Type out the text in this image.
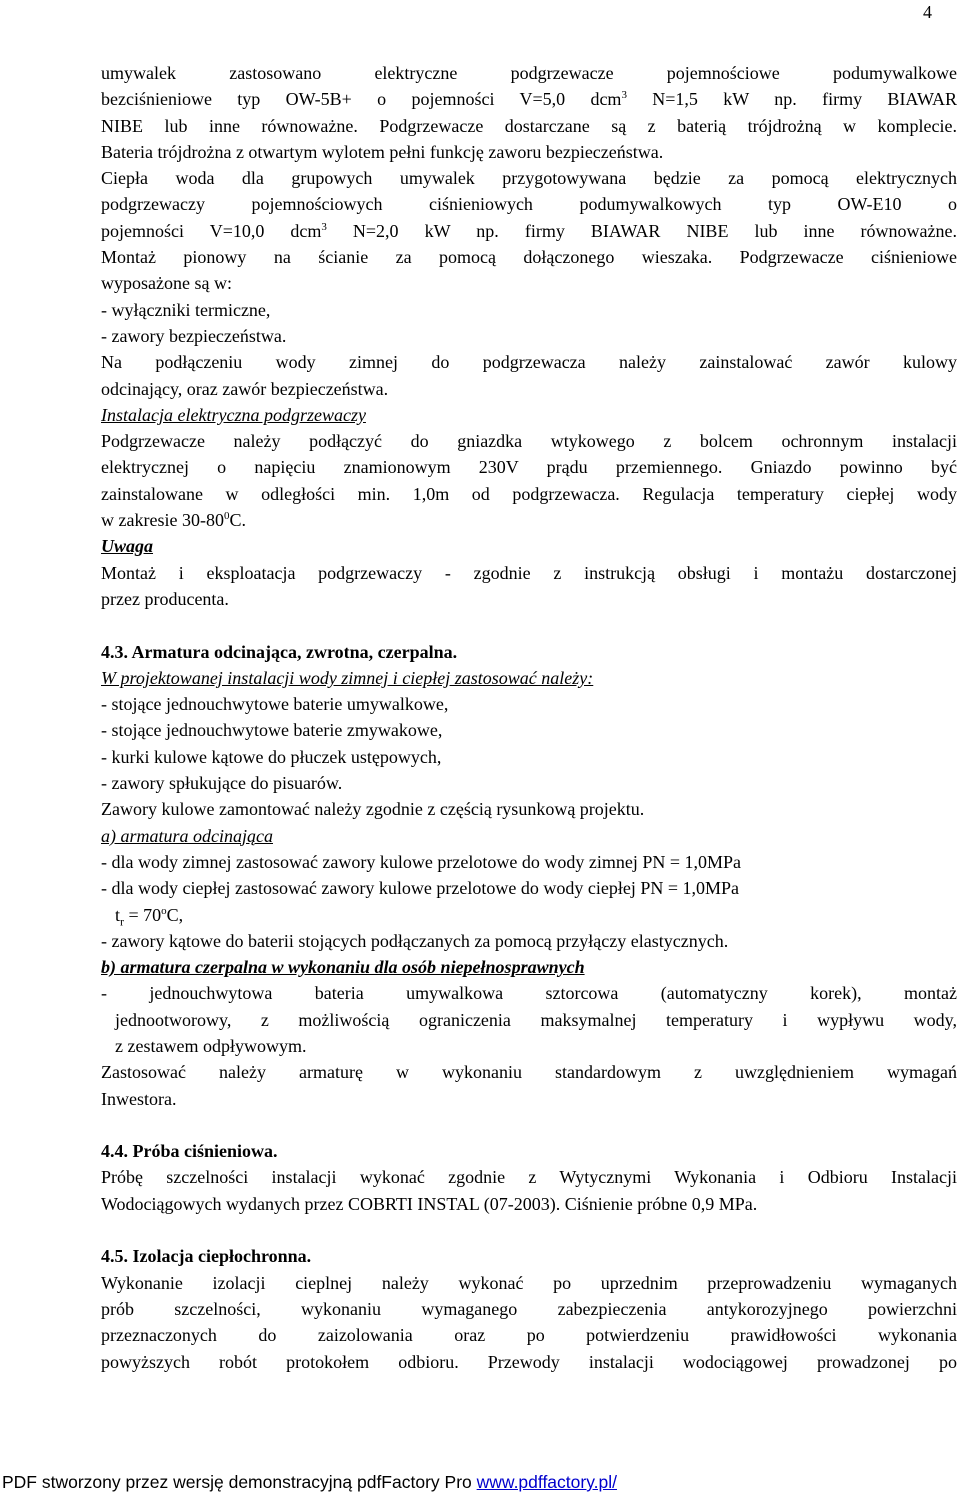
4
umywalek zastosowano elektryczne podgrzewacze pojemnościowe podumywalkowe
bezciśnieniowe typ OW-5B+ o pojemności V=5,0 dcm$^3$ N=1,5 kW np. firmy BIAWAR
NIBE lub inne równoważne. Podgrzewacze dostarczane są z baterią trójdrożną w komplecie.
Bateria trójdrożna z otwartym wylotem pełni funkcję zaworu bezpieczeństwa.
Ciepła woda dla grupowych umywalek przygotowywana będzie za pomocą elektrycznych
podgrzewaczy pojemnościowych ciśnieniowych podumywalkowych typ OW-E10 o
pojemności V=10,0 dcm$^3$ N=2,0 kW np. firmy BIAWAR NIBE lub inne równoważne.
Montaż pionowy na ścianie za pomocą dołączonego wieszaka. Podgrzewacze ciśnieniowe
wyposażone są w:
- wyłączniki termiczne,
- zawory bezpieczeństwa.
Na podłączeniu wody zimnej do podgrzewacza należy zainstalować zawór kulowy
odcinający, oraz zawór bezpieczeństwa.
Instalacja elektryczna podgrzewaczy
Podgrzewacze należy podłączyć do gniazdka wtykowego z bolcem ochronnym instalacji
elektrycznej o napięciu znamionowym 230V prądu przemiennego. Gniazdo powinno być
zainstalowane w odległości min. 1,0m od podgrzewacza. Regulacja temperatury ciepłej wody
w zakresie $30-80^0C$.
Uwaga
Montaż i eksploatacja podgrzewaczy - zgodnie z instrukcją obsługi i montażu dostarczonej
przez producenta.
4.3. Armatura odcinająca, zwrotna, czerpalna.
W projektowanej instalacji wody zimnej i ciepłej zastosować należy:
- stojące jednouchwytowe baterie umywalkowe,
- stojące jednouchwytowe baterie zmywakowe,
- kurki kulowe kątowe do płuczek ustępowych,
- zawory spłukujące do pisuarów.
Zawory kulowe zamontować należy zgodnie z częścią rysunkową projektu.
a) armatura odcinająca
- dla wody zimnej zastosować zawory kulowe przelotowe do wody zimnej PN = 1,0MPa
- dla wody ciepłej zastosować zawory kulowe przelotowe do wody ciepłej PN = 1,0MPa
$t_r = 70^oC$,
- zawory kątowe do baterii stojących podłączanych za pomocą przyłączy elastycznych.
b) armatura czerpalna w wykonaniu dla osób niepełnosprawnych
- jednouchwytowa bateria umywalkowa sztorcowa (automatyczny korek), montaż
jednootworowy, z możliwością ograniczenia maksymalnej temperatury i wypływu wody,
z zestawem odpływowym.
Zastosować należy armaturę w wykonaniu standardowym z uwzględnieniem wymagań
Inwestora.
4.4. Próba ciśnieniowa.
Próbę szczelności instalacji wykonać zgodnie z Wytycznymi Wykonania i Odbioru Instalacji
Wodociągowych wydanych przez COBRTI INSTAL (07-2003). Ciśnienie próbne 0,9 MPa.
4.5. Izolacja ciepłochronna.
Wykonanie izolacji cieplnej należy wykonać po uprzednim przeprowadzeniu wymaganych
prób szczelności, wykonaniu wymaganego zabezpieczenia antykorozyjnego powierzchni
przeznaczonych do zaizolowania oraz po potwierdzeniu prawidłowości wykonania
powyższych robót protokołem odbioru. Przewody instalacji wodociągowej prowadzonej po
PDF stworzony przez wersję demonstracyjną pdfFactory Pro www.pdffactory.pl/
